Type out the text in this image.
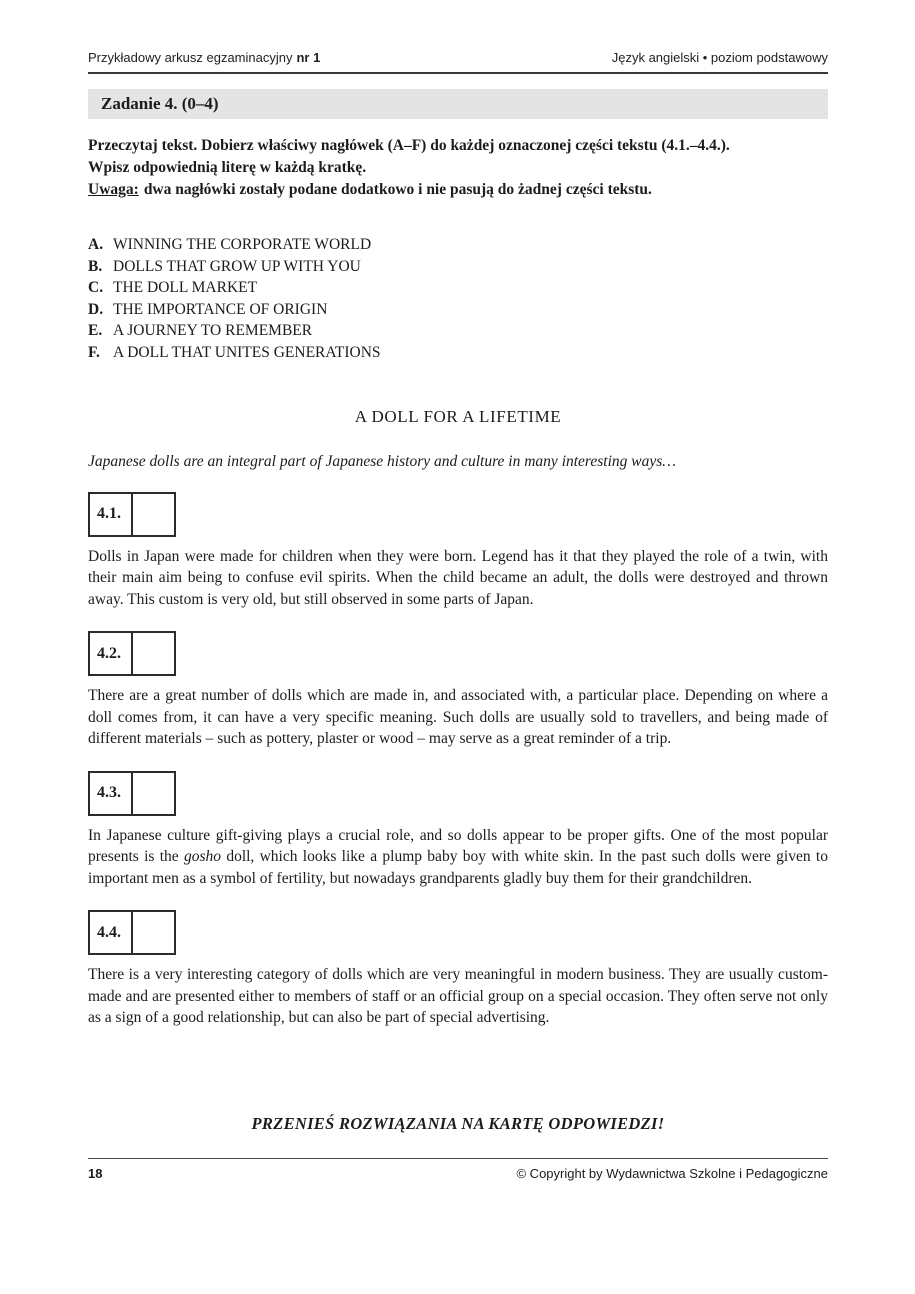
Przykładowy arkusz egzaminacyjny nr 1	Język angielski • poziom podstawowy
Zadanie 4. (0–4)
Przeczytaj tekst. Dobierz właściwy nagłówek (A–F) do każdej oznaczonej części tekstu (4.1.–4.4.).
Wpisz odpowiednią literę w każdą kratkę.
Uwaga: dwa nagłówki zostały podane dodatkowo i nie pasują do żadnej części tekstu.
A. WINNING THE CORPORATE WORLD
B. DOLLS THAT GROW UP WITH YOU
C. THE DOLL MARKET
D. THE IMPORTANCE OF ORIGIN
E. A JOURNEY TO REMEMBER
F. A DOLL THAT UNITES GENERATIONS
A DOLL FOR A LIFETIME
Japanese dolls are an integral part of Japanese history and culture in many interesting ways…
4.1.
Dolls in Japan were made for children when they were born. Legend has it that they played the role of a twin, with their main aim being to confuse evil spirits. When the child became an adult, the dolls were destroyed and thrown away. This custom is very old, but still observed in some parts of Japan.
4.2.
There are a great number of dolls which are made in, and associated with, a particular place. Depending on where a doll comes from, it can have a very specific meaning. Such dolls are usually sold to travellers, and being made of different materials – such as pottery, plaster or wood – may serve as a great reminder of a trip.
4.3.
In Japanese culture gift-giving plays a crucial role, and so dolls appear to be proper gifts. One of the most popular presents is the gosho doll, which looks like a plump baby boy with white skin. In the past such dolls were given to important men as a symbol of fertility, but nowadays grandparents gladly buy them for their grandchildren.
4.4.
There is a very interesting category of dolls which are very meaningful in modern business. They are usually custom-made and are presented either to members of staff or an official group on a special occasion. They often serve not only as a sign of a good relationship, but can also be part of special advertising.
PRZENIEŚ ROZWIĄZANIA NA KARTĘ ODPOWIEDZI!
18	© Copyright by Wydawnictwa Szkolne i Pedagogiczne
